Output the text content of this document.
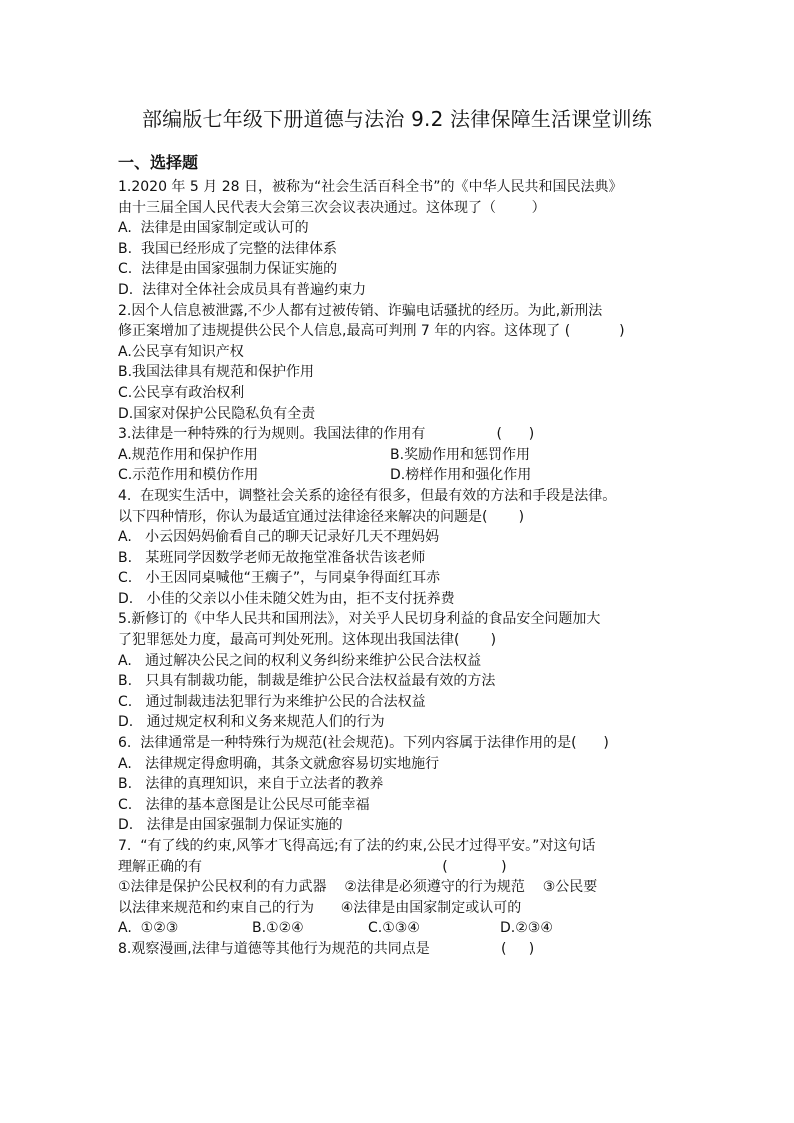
部编版七年级下册道德与法治 9.2 法律保障生活课堂训练
一、选择题
1.2020 年 5 月 28 日，被称为“社会生活百科全书”的《中华人民共和国民法典》
由十三届全国人民代表大会第三次会议表决通过。这体现了（        ）
A.  法律是由国家制定或认可的
B.  我国已经形成了完整的法律体系
C.  法律是由国家强制力保证实施的
D.  法律对全体社会成员具有普遍约束力
2.因个人信息被泄露,不少人都有过被传销、诈骗电话骚扰的经历。为此,新刑法
修正案增加了违规提供公民个人信息,最高可判刑 7 年的内容。这体现了 (           )
A.公民享有知识产权
B.我国法律具有规范和保护作用
C.公民享有政治权利
D.国家对保护公民隐私负有全责
3.法律是一种特殊的行为规则。我国法律的作用有                (      )

A.规范作用和保护作用

	B.奖励作用和惩罚作用

C.示范作用和模仿作用

	D.榜样作用和强化作用

4.  在现实生活中，调整社会关系的途径有很多，但最有效的方法和手段是法律。
以下四种情形，你认为最适宜通过法律途径来解决的问题是(       )
A.   小云因妈妈偷看自己的聊天记录好几天不理妈妈
B.   某班同学因数学老师无故拖堂准备状告该老师
C.   小王因同桌喊他“王瘸子”，与同桌争得面红耳赤
D.   小佳的父亲以小佳未随父姓为由，拒不支付抚养费
5.新修订的《中华人民共和国刑法》，对关乎人民切身利益的食品安全问题加大
了犯罪惩处力度，最高可判处死刑。这体现出我国法律(       )
A.   通过解决公民之间的权利义务纠纷来维护公民合法权益
B.   只具有制裁功能，制裁是维护公民合法权益最有效的方法
C.   通过制裁违法犯罪行为来维护公民的合法权益
D.   通过规定权利和义务来规范人们的行为
6.  法律通常是一种特殊行为规范(社会规范)。下列内容属于法律作用的是(      )
A.   法律规定得愈明确，其条文就愈容易切实地施行
B.   法律的真理知识，来自于立法者的教养
C.   法律的基本意图是让公民尽可能幸福
D.   法律是由国家强制力保证实施的
7.  “有了线的约束,风筝才飞得高远;有了法的约束,公民才过得平安。”对这句话
理解正确的有                                                      (            )
①法律是保护公民权利的有力武器    ②法律是必须遵守的行为规范    ③公民要
以法律来规范和约束自己的行为      ④法律是由国家制定或认可的

A.  ①②③

	B.①②④

	C.①③④

	D.②③④

8.观察漫画,法律与道德等其他行为规范的共同点是                (     )
